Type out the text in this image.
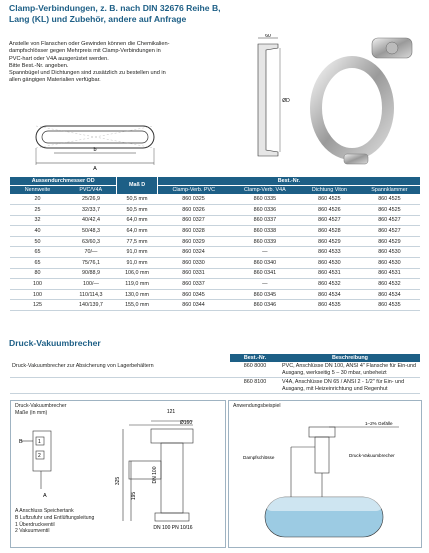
Clamp-Verbindungen, z. B. nach DIN 32676 Reihe B, Lang (KL) und Zubehör, andere auf Anfrage
Anstelle von Flanschen oder Gewinden können die Chemikalien-
dampfschlösser gegen Mehrpreis mit Clamp-Verbindungen in
PVC-hart oder V4A ausgerüstet werden.
Bitte Best.-Nr. angeben.
Spannbügel und Dichtungen sind zusätzlich zu bestellen und in
allen gängigen Materialien verfügbar.
b
A
60
ØD
Aussendurchmesser OD		Maß D	Best.-Nr.			
Nennweite	PVC/V4A		Clamp-Verb. PVC	Clamp-Verb. V4A	Dichtung Viton	Spannklammer
20	25/26,9	50,5 mm	860 0325	860 0335	860 4525	860 4525
25	32/33,7	50,5 mm	860 0326	860 0336	860 4526	860 4525
32	40/42,4	64,0 mm	860 0327	860 0337	860 4527	860 4527
40	50/48,3	64,0 mm	860 0328	860 0338	860 4528	860 4527
50	63/60,3	77,5 mm	860 0329	860 0339	860 4529	860 4529
65	70/—	91,0 mm	860 0324	—	860 4533	860 4530
65	75/76,1	91,0 mm	860 0330	860 0340	860 4530	860 4530
80	90/88,9	106,0 mm	860 0331	860 0341	860 4531	860 4531
100	100/—	119,0 mm	860 0337	—	860 4532	860 4532
100	110/114,3	130,0 mm	860 0345	860 0345	860 4534	860 4534
125	140/139,7	155,0 mm	860 0344	860 0346	860 4535	860 4535
Druck-Vakuumbrecher
	Best.-Nr.	Beschreibung
Druck-Vakuumbrecher zur Absicherung von Lagerbehältern	860 8000	PVC, Anschlüsse DN 100, ANSI 4" Flansche für Ein-und Ausgang, werkseitig 5 – 30 mbar, unbeheizt
	860 8100	V4A, Anschlüsse DN 65 / ANSI 2 - 1/2" für Ein- und Ausgang, mit Heizeinrichtung und Regenhut
Druck-Vakuumbrecher
Maße (in mm)	121
Ø160
325
195
DN 100
DN 100 PN 10/16
B
A
1
2
A Anschluss Speichertank
B Luftzufuhr und Entlüftungsleitung
1 Überdruckventil
2 Vakuumventil
Anwendungsbeispiel
1–2% Gefälle
Druck-Vakuumbrecher
Dampfschlösse
